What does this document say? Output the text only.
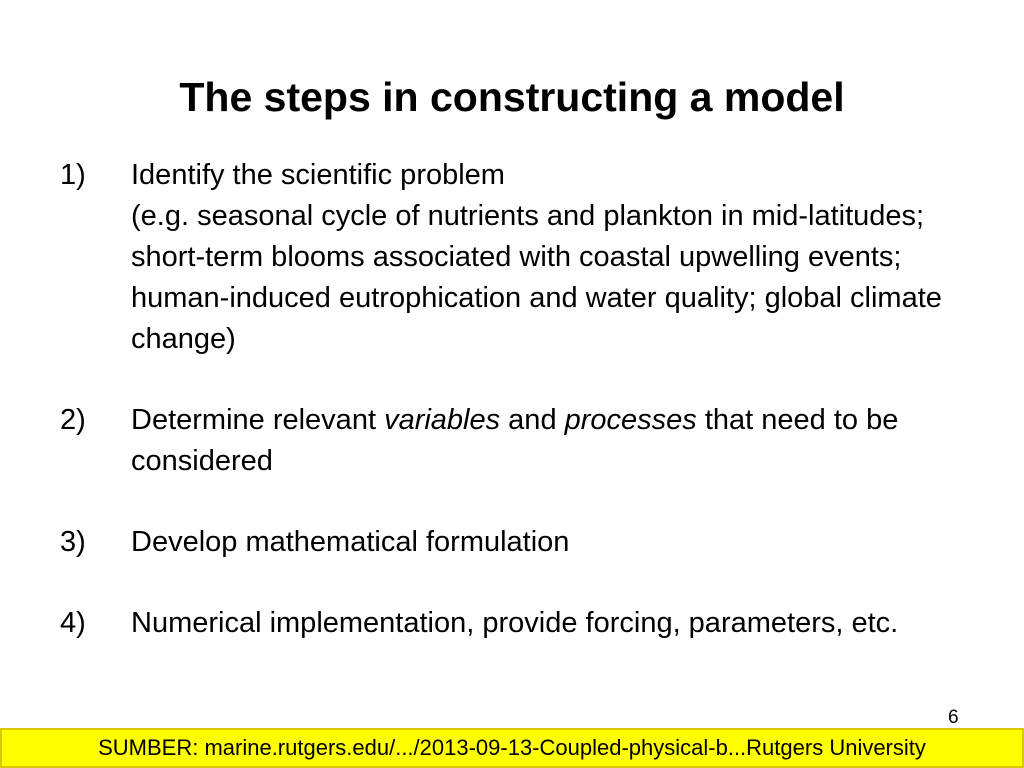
The steps in constructing a model
1)	Identify the scientific problem
(e.g. seasonal cycle of nutrients and plankton in mid-latitudes; short-term blooms associated with coastal upwelling events; human-induced eutrophication and water quality; global climate change)
2)	Determine relevant variables and processes that need to be considered
3)	Develop mathematical formulation
4)	Numerical implementation, provide forcing, parameters, etc.
6
SUMBER: marine.rutgers.edu/.../2013-09-13-Coupled-physical-b...Rutgers University
